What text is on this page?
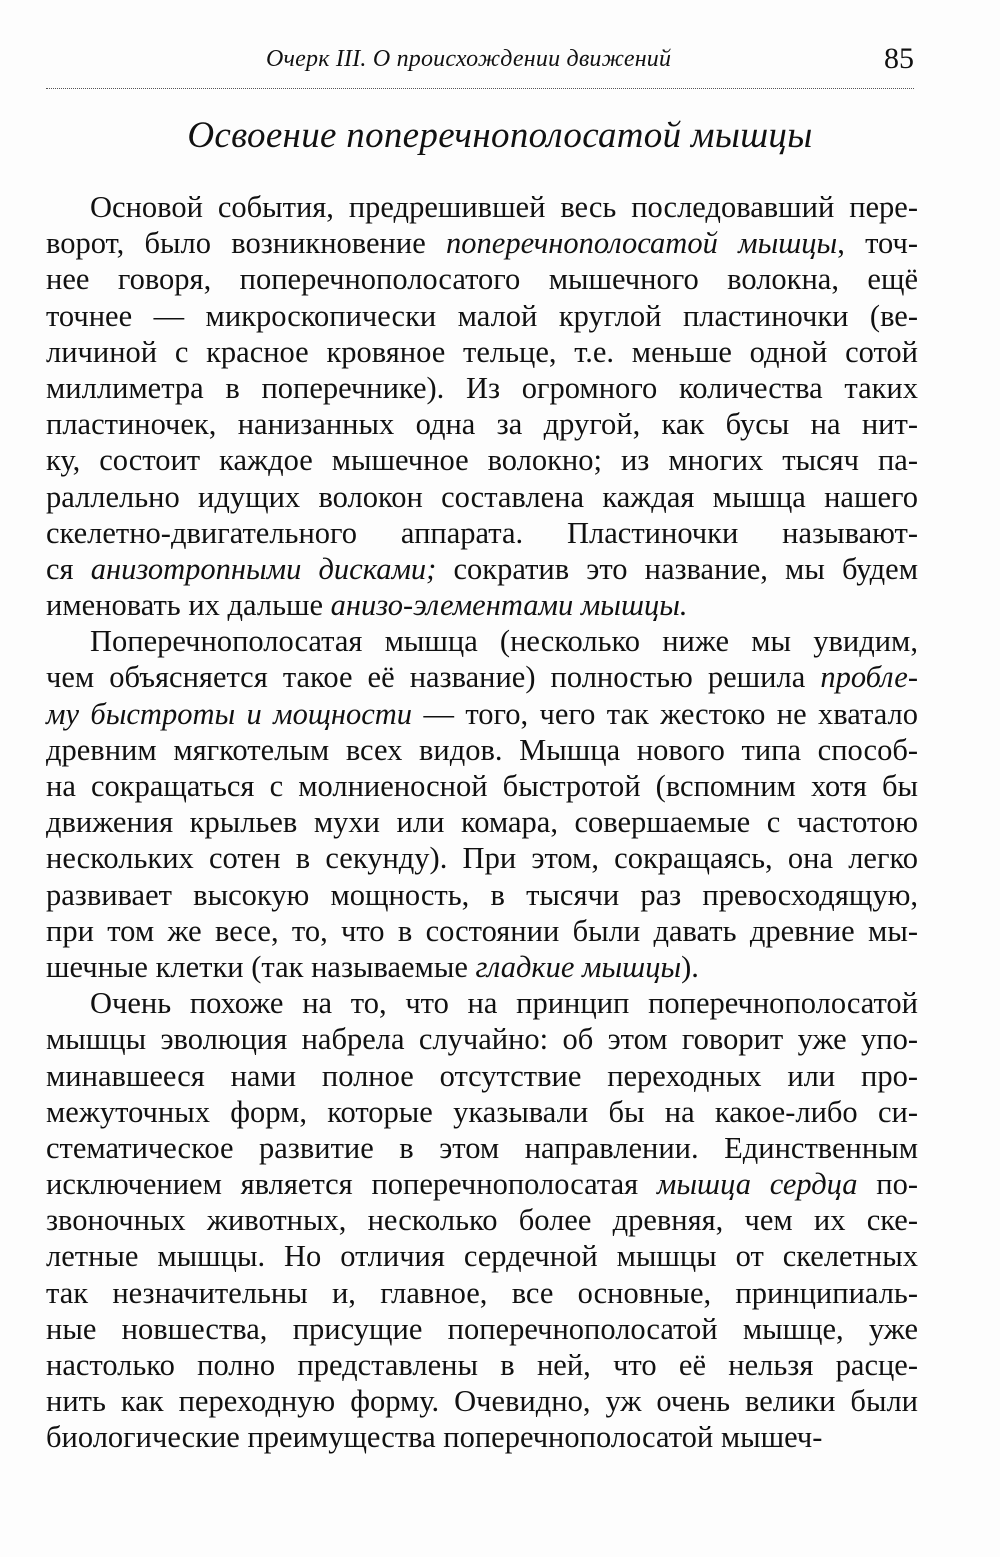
Очерк III. О происхождении движений	85
Освоение поперечнополосатой мышцы
Основой события, предрешившей весь последовавший пере-
ворот, было возникновение поперечнополосатой мышцы, точ-
нее говоря, поперечнополосатого мышечного волокна, ещё
точнее — микроскопически малой круглой пластиночки (ве-
личиной с красное кровяное тельце, т.е. меньше одной сотой
миллиметра в поперечнике). Из огромного количества таких
пластиночек, нанизанных одна за другой, как бусы на нит-
ку, состоит каждое мышечное волокно; из многих тысяч па-
раллельно идущих волокон составлена каждая мышца нашего
скелетно-двигательного аппарата. Пластиночки называют-
ся анизотропными дисками; сократив это название, мы будем
именовать их дальше анизо-элементами мышцы.
Поперечнополосатая мышца (несколько ниже мы увидим,
чем объясняется такое её название) полностью решила пробле-
му быстроты и мощности — того, чего так жестоко не хватало
древним мягкотелым всех видов. Мышца нового типа способ-
на сокращаться с молниеносной быстротой (вспомним хотя бы
движения крыльев мухи или комара, совершаемые с частотою
нескольких сотен в секунду). При этом, сокращаясь, она легко
развивает высокую мощность, в тысячи раз превосходящую,
при том же весе, то, что в состоянии были давать древние мы-
шечные клетки (так называемые гладкие мышцы).
Очень похоже на то, что на принцип поперечнополосатой
мышцы эволюция набрела случайно: об этом говорит уже упо-
минавшееся нами полное отсутствие переходных или про-
межуточных форм, которые указывали бы на какое-либо си-
стематическое развитие в этом направлении. Единственным
исключением является поперечнополосатая мышца сердца по-
звоночных животных, несколько более древняя, чем их ске-
летные мышцы. Но отличия сердечной мышцы от скелетных
так незначительны и, главное, все основные, принципиаль-
ные новшества, присущие поперечнополосатой мышце, уже
настолько полно представлены в ней, что её нельзя расце-
нить как переходную форму. Очевидно, уж очень велики были
биологические преимущества поперечнополосатой мышеч-
